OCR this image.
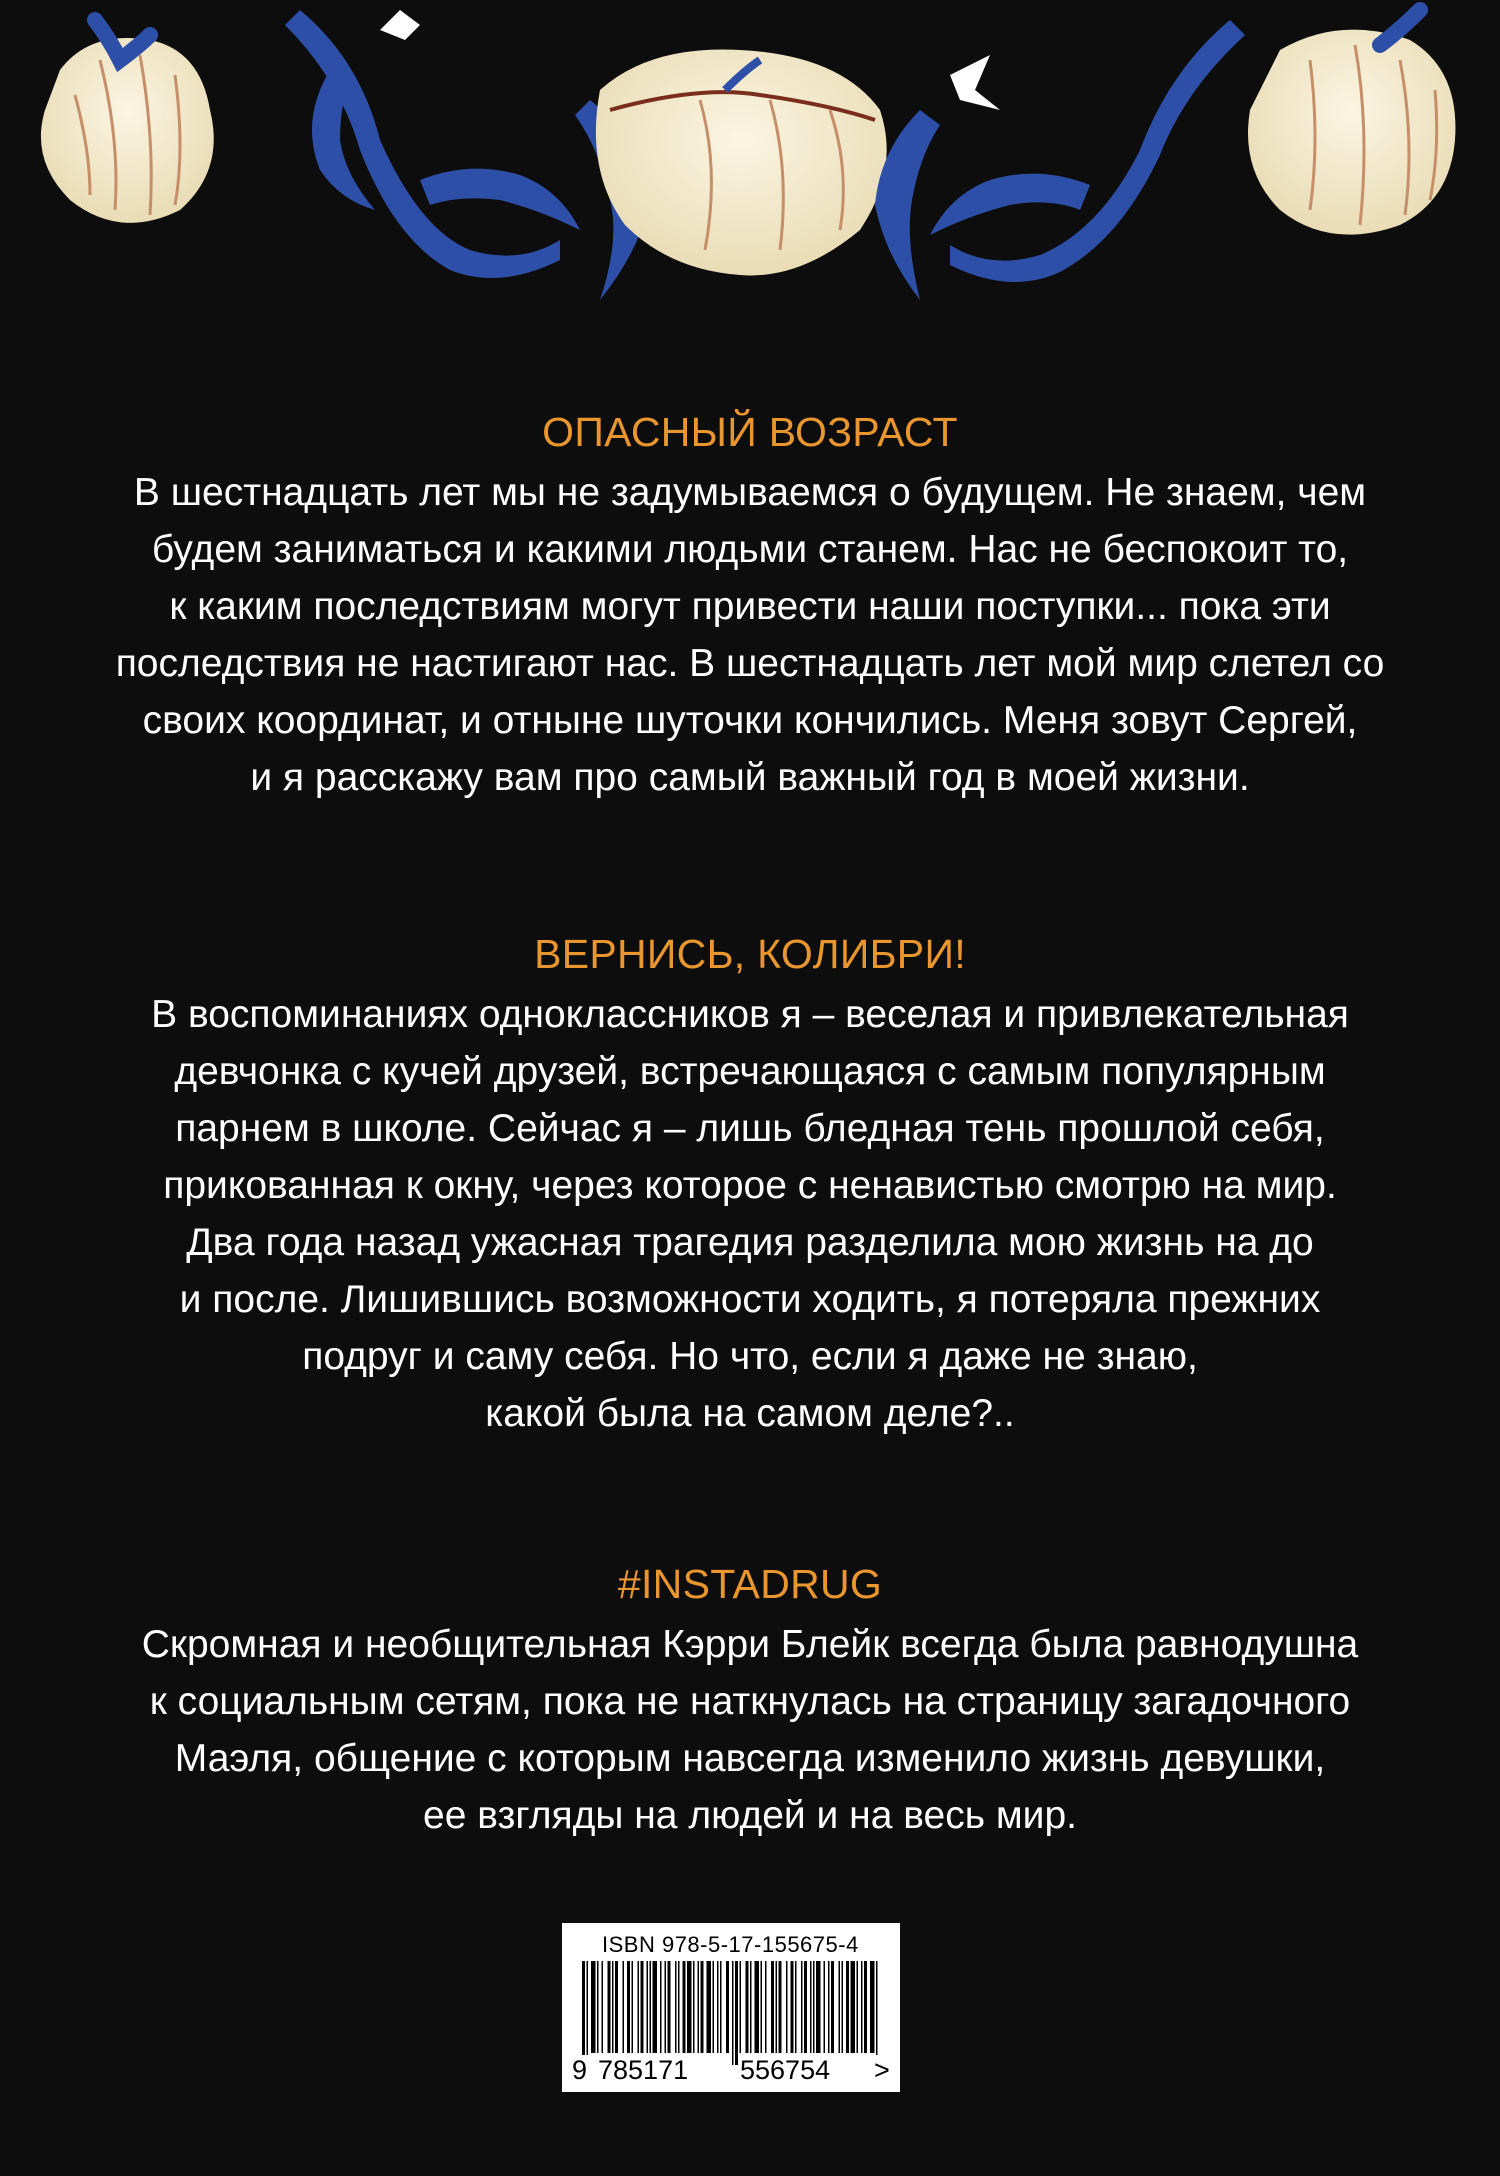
ОПАСНЫЙ ВОЗРАСТ
В шестнадцать лет мы не задумываемся о будущем. Не знаем, чем
будем заниматься и какими людьми станем. Нас не беспокоит то,
к каким последствиям могут привести наши поступки... пока эти
последствия не настигают нас. В шестнадцать лет мой мир слетел со
своих координат, и отныне шуточки кончились. Меня зовут Сергей,
и я расскажу вам про самый важный год в моей жизни.
ВЕРНИСЬ, КОЛИБРИ!
В воспоминаниях одноклассников я – веселая и привлекательная
девчонка с кучей друзей, встречающаяся с самым популярным
парнем в школе. Сейчас я – лишь бледная тень прошлой себя,
прикованная к окну, через которое с ненавистью смотрю на мир.
Два года назад ужасная трагедия разделила мою жизнь на до
и после. Лишившись возможности ходить, я потеряла прежних
подруг и саму себя. Но что, если я даже не знаю,
какой была на самом деле?..
#INSTADRUG
Скромная и необщительная Кэрри Блейк всегда была равнодушна
к социальным сетям, пока не наткнулась на страницу загадочного
Маэля, общение с которым навсегда изменило жизнь девушки,
ее взгляды на людей и на весь мир.
ISBN 978-5-17-155675-4
9 785171 556754 >
